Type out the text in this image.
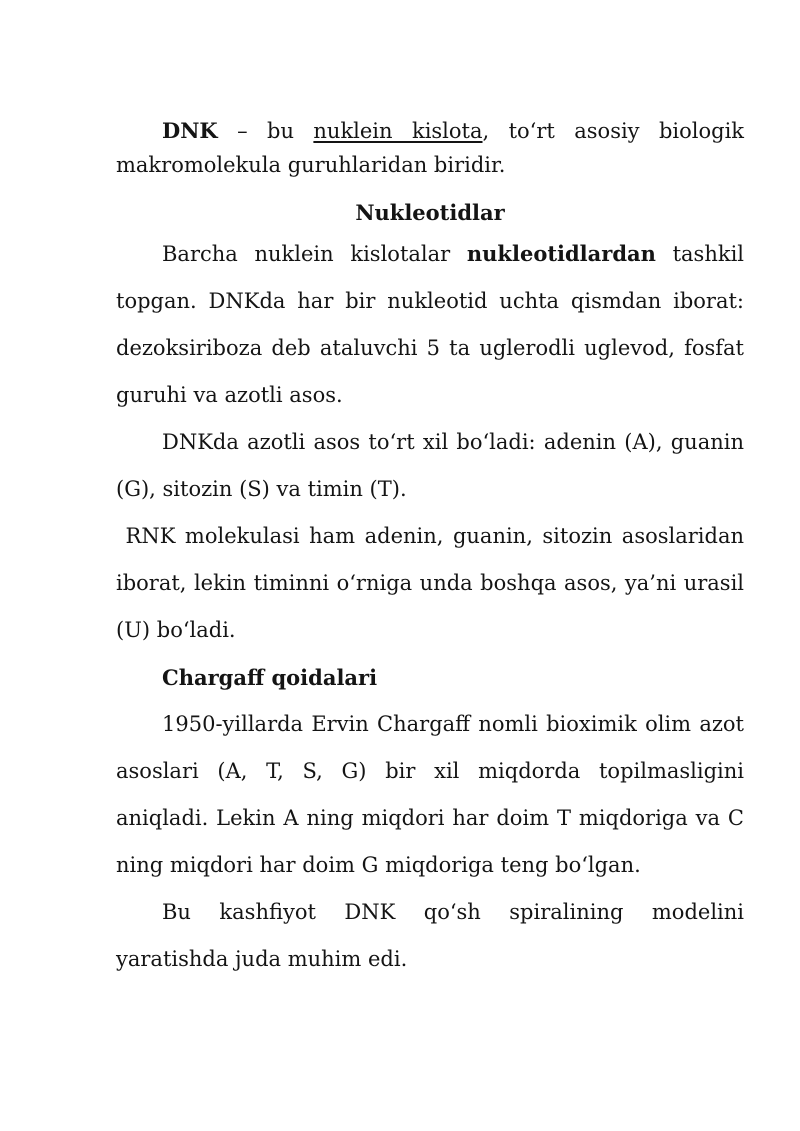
DNK – bu nuklein kislota, to‘rt asosiy biologik makromolekula guruhlaridan biridir.

Nukleotidlar

Barcha nuklein kislotalar nukleotidlardan tashkil topgan. DNKda har bir nukleotid uchta qismdan iborat: dezoksiriboza deb ataluvchi 5 ta uglerodli uglevod, fosfat guruhi va azotli asos.

DNKda azotli asos to‘rt xil bo‘ladi: adenin (A), guanin (G), sitozin (S) va timin (T).

RNK molekulasi ham adenin, guanin, sitozin asoslaridan iborat, lekin timinni o‘rniga unda boshqa asos, ya’ni urasil (U) bo‘ladi.

Chargaff qoidalari

1950-yillarda Ervin Chargaff nomli bioximik olim azot asoslari (A, T, S, G) bir xil miqdorda topilmasligini aniqladi. Lekin A ning miqdori har doim T miqdoriga va C ning miqdori har doim G miqdoriga teng bo‘lgan.

Bu kashfiyot DNK qo‘sh spiralining modelini yaratishda juda muhim edi.
